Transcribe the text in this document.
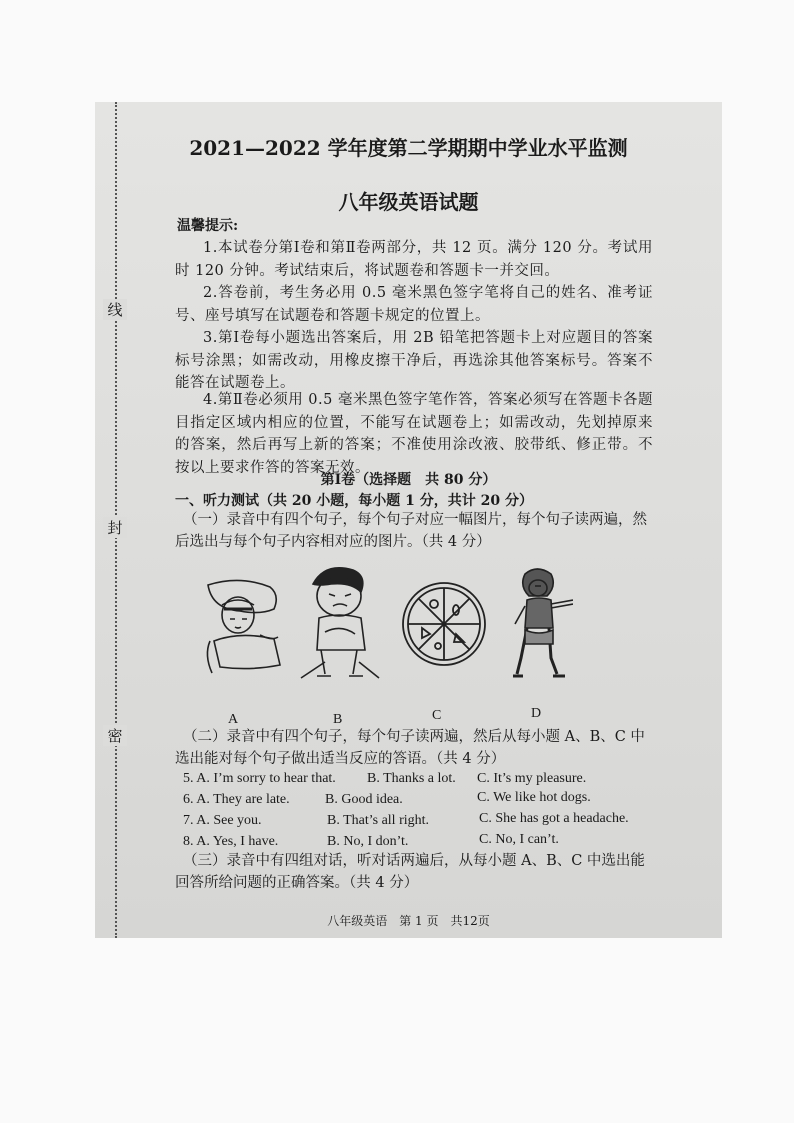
线
封
密
2021—2022 学年度第二学期期中学业水平监测
八年级英语试题
温馨提示:
1.本试卷分第Ⅰ卷和第Ⅱ卷两部分，共 12 页。满分 120 分。考试用时 120 分钟。考试结束后，将试题卷和答题卡一并交回。
2.答卷前，考生务必用 0.5 毫米黑色签字笔将自己的姓名、准考证号、座号填写在试题卷和答题卡规定的位置上。
3.第Ⅰ卷每小题选出答案后，用 2B 铅笔把答题卡上对应题目的答案标号涂黑；如需改动，用橡皮擦干净后，再选涂其他答案标号。答案不能答在试题卷上。
4.第Ⅱ卷必须用 0.5 毫米黑色签字笔作答，答案必须写在答题卡各题目指定区域内相应的位置，不能写在试题卷上；如需改动，先划掉原来的答案，然后再写上新的答案；不准使用涂改液、胶带纸、修正带。不按以上要求作答的答案无效。
第Ⅰ卷（选择题　共 80 分）
一、听力测试（共 20 小题，每小题 1 分，共计 20 分）
（一）录音中有四个句子，每个句子对应一幅图片，每个句子读两遍，然后选出与每个句子内容相对应的图片。（共 4 分）
A	B	C	D
（二）录音中有四个句子，每个句子读两遍，然后从每小题 A、B、C 中选出能对每个句子做出适当反应的答语。（共 4 分）
5. A. I’m sorry to hear that. B. Thanks a lot. C. It’s my pleasure.
6. A. They are late.	B. Good idea.	C. We like hot dogs.
7. A. See you.	B. That’s all right.	C. She has got a headache.
8. A. Yes, I have.	B. No, I don’t.	C. No, I can’t.
（三）录音中有四组对话，听对话两遍后，从每小题 A、B、C 中选出能回答所给问题的正确答案。（共 4 分）
八年级英语　第 1 页　共12页
